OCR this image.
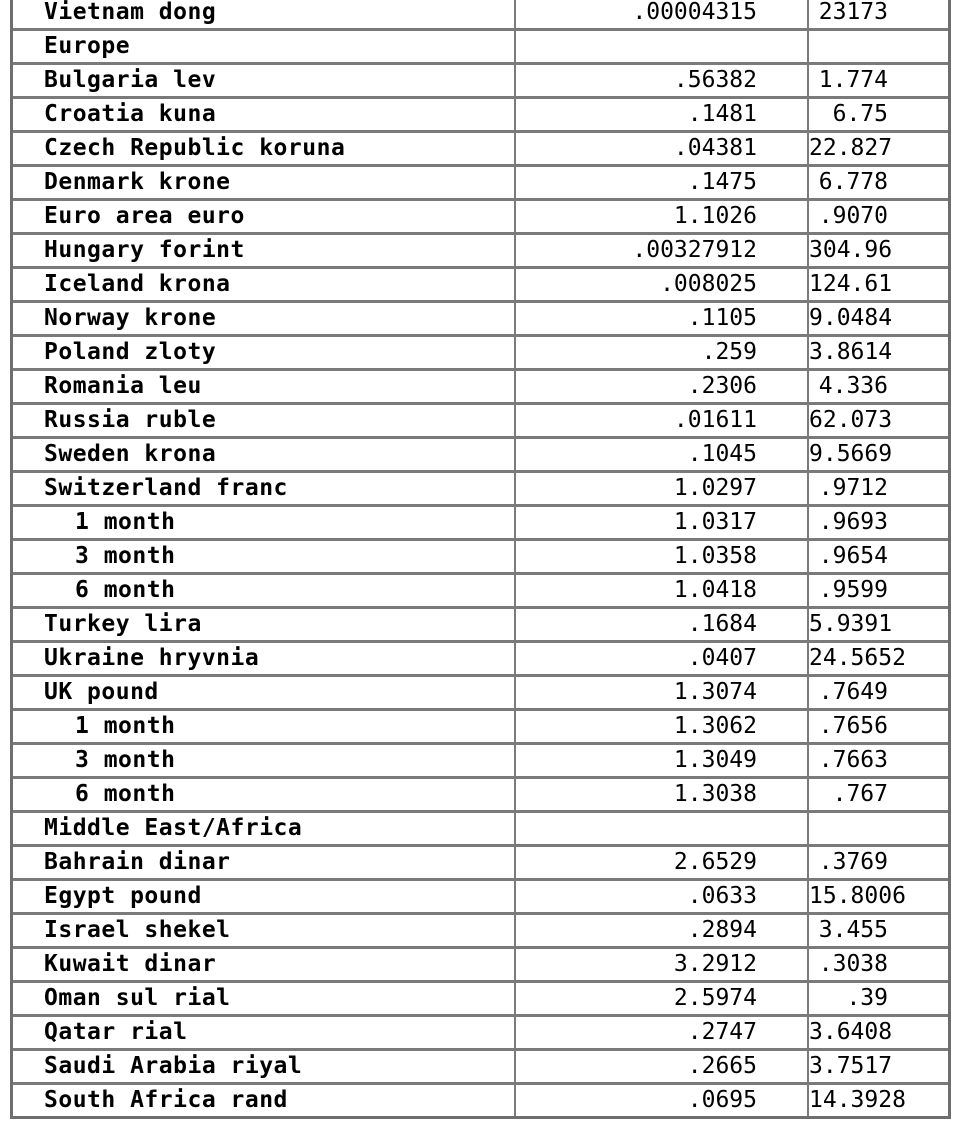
Vietnam dong	.00004315	23173
Europe		
Bulgaria lev	.56382	1.774
Croatia kuna	.1481	6.75
Czech Republic koruna	.04381	22.827
Denmark krone	.1475	6.778
Euro area euro	1.1026	.9070
Hungary forint	.00327912	304.96
Iceland krona	.008025	124.61
Norway krone	.1105	9.0484
Poland zloty	.259	3.8614
Romania leu	.2306	4.336
Russia ruble	.01611	62.073
Sweden krona	.1045	9.5669
Switzerland franc	1.0297	.9712
1 month	1.0317	.9693
3 month	1.0358	.9654
6 month	1.0418	.9599
Turkey lira	.1684	5.9391
Ukraine hryvnia	.0407	24.5652
UK pound	1.3074	.7649
1 month	1.3062	.7656
3 month	1.3049	.7663
6 month	1.3038	.767
Middle East/Africa		
Bahrain dinar	2.6529	.3769
Egypt pound	.0633	15.8006
Israel shekel	.2894	3.455
Kuwait dinar	3.2912	.3038
Oman sul rial	2.5974	.39
Qatar rial	.2747	3.6408
Saudi Arabia riyal	.2665	3.7517
South Africa rand	.0695	14.3928
